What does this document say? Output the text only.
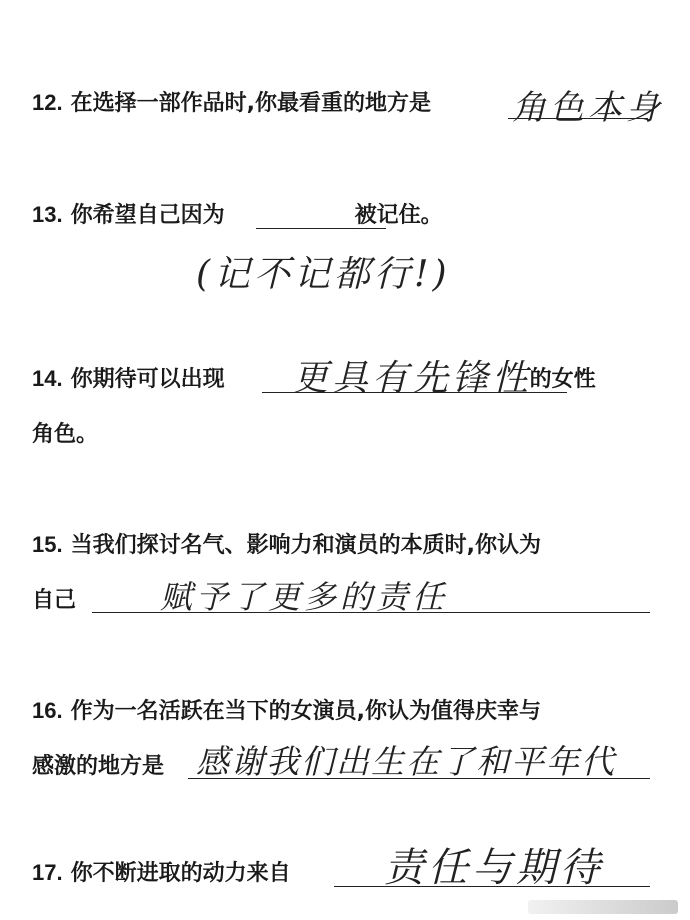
12. 在选择一部作品时,你最看重的地方是 角色本身
13. 你希望自己因为	被记住。
(记不记都行!)
14. 你期待可以出现	的女性
更具有先锋性
角色。
15. 当我们探讨名气、影响力和演员的本质时,你认为
自己	赋予了更多的责任
16. 作为一名活跃在当下的女演员,你认为值得庆幸与
感激的地方是 感谢我们出生在了和平年代
17. 你不断进取的动力来自 责任与期待
